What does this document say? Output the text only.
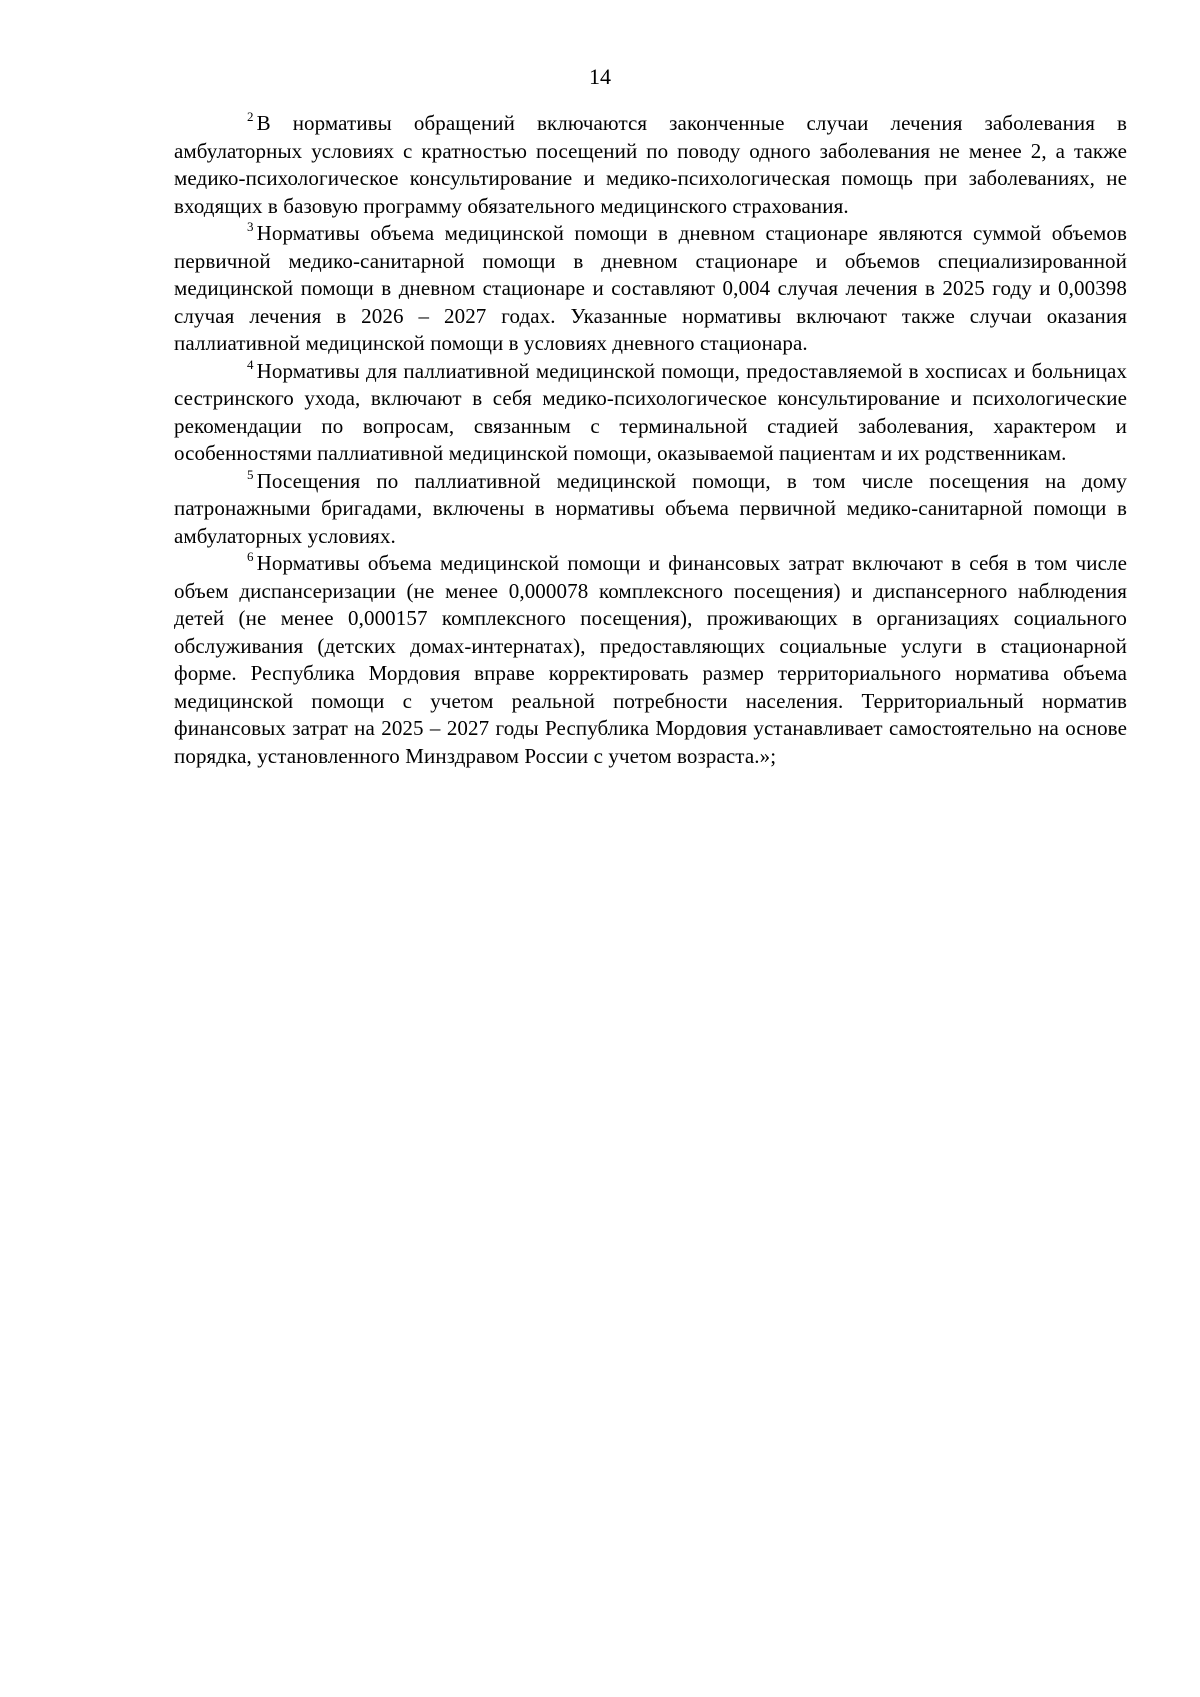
14

$^2$ В нормативы обращений включаются законченные случаи лечения заболевания в амбулаторных условиях с кратностью посещений по поводу одного заболевания не менее 2, а также медико-психологическое консультирование и медико-психологическая помощь при заболеваниях, не входящих в базовую программу обязательного медицинского страхования.

$^3$ Нормативы объема медицинской помощи в дневном стационаре являются суммой объемов первичной медико-санитарной помощи в дневном стационаре и объемов специализированной медицинской помощи в дневном стационаре и составляют 0,004 случая лечения в 2025 году и 0,00398 случая лечения в 2026 – 2027 годах. Указанные нормативы включают также случаи оказания паллиативной медицинской помощи в условиях дневного стационара.

$^4$ Нормативы для паллиативной медицинской помощи, предоставляемой в хосписах и больницах сестринского ухода, включают в себя медико-психологическое консультирование и психологические рекомендации по вопросам, связанным с терминальной стадией заболевания, характером и особенностями паллиативной медицинской помощи, оказываемой пациентам и их родственникам.

$^5$ Посещения по паллиативной медицинской помощи, в том числе посещения на дому патронажными бригадами, включены в нормативы объема первичной медико-санитарной помощи в амбулаторных условиях.

$^6$ Нормативы объема медицинской помощи и финансовых затрат включают в себя в том числе объем диспансеризации (не менее 0,000078 комплексного посещения) и диспансерного наблюдения детей (не менее 0,000157 комплексного посещения), проживающих в организациях социального обслуживания (детских домах-интернатах), предоставляющих социальные услуги в стационарной форме. Республика Мордовия вправе корректировать размер территориального норматива объема медицинской помощи с учетом реальной потребности населения. Территориальный норматив финансовых затрат на 2025 – 2027 годы Республика Мордовия устанавливает самостоятельно на основе порядка, установленного Минздравом России с учетом возраста.»;
